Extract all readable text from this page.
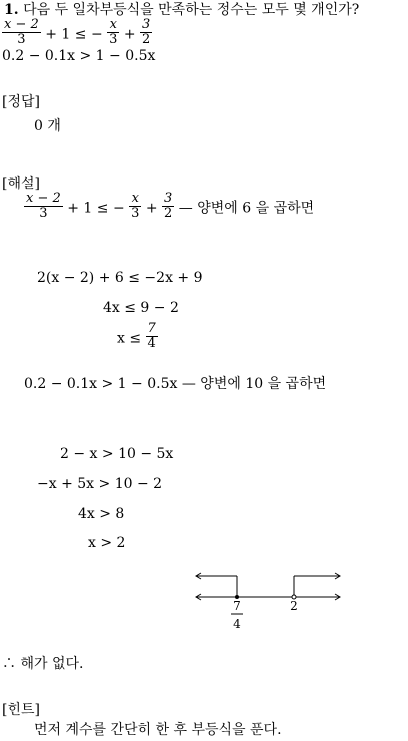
1. 다음 두 일차부등식을 만족하는 정수는 모두 몇 개인가?
$\frac{x - 2}{3} + 1$ ≤ − $\frac{x}{3} + \frac{3}{2}$
0.2 − 0.1x > 1 − 0.5x
[정답]
0 개
[해설]
$\frac{x - 2}{3} + 1$ ≤ − $\frac{x}{3} + \frac{3}{2}$ — 양변에 6 을 곱하면
2(x − 2) + 6 ≤ −2x + 9
4x ≤ 9 − 2
$x \le \frac{7}{4}$
0.2 − 0.1x > 1 − 0.5x — 양변에 10 을 곱하면
2 − x > 10 − 5x
−x + 5x > 10 − 2
4x > 8
x > 2
7
4
2
∴ 해가 없다.
[힌트]
먼저 계수를 간단히 한 후 부등식을 푼다.
